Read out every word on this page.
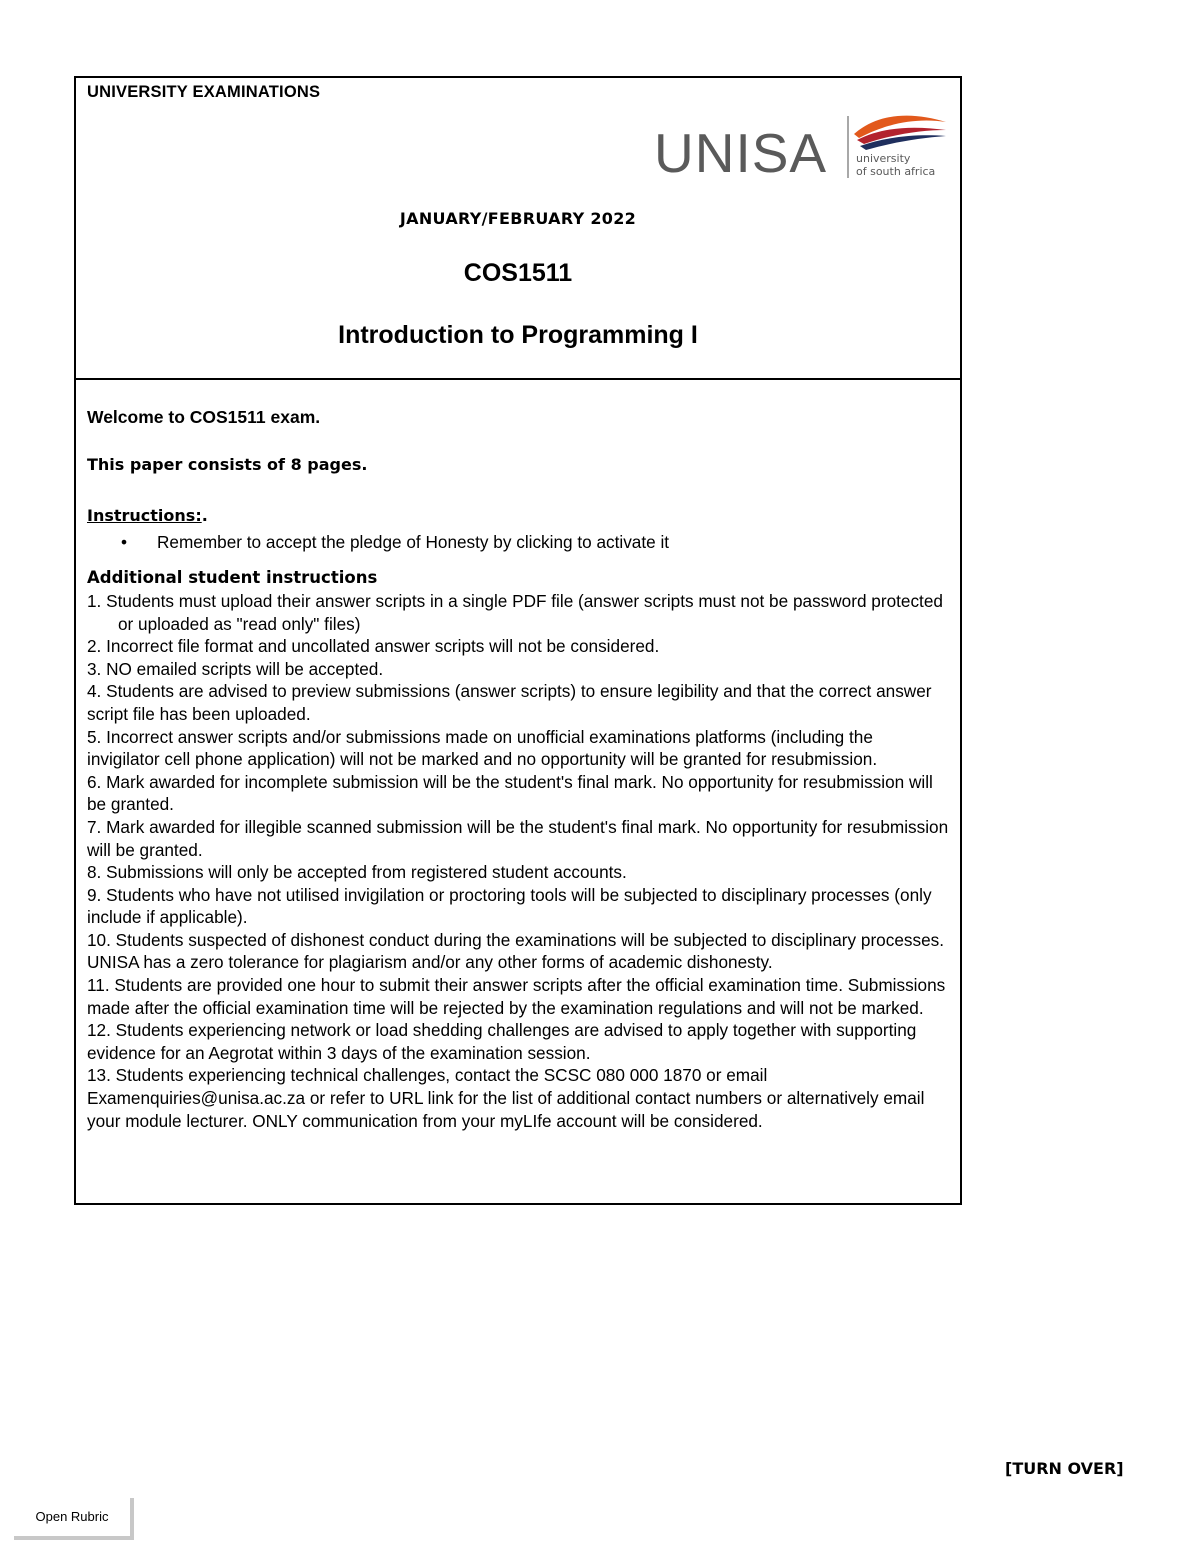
UNIVERSITY EXAMINATIONS
UNISA	university
of south africa
JANUARY/FEBRUARY 2022
COS1511
Introduction to Programming I

Welcome to COS1511 exam.

This paper consists of 8 pages.

Instructions:.

• Remember to accept the pledge of Honesty by clicking to activate it

Additional student instructions

1. Students must upload their answer scripts in a single PDF file (answer scripts must not be password protected or uploaded as "read only" files)

2. Incorrect file format and uncollated answer scripts will not be considered.

3. NO emailed scripts will be accepted.

4. Students are advised to preview submissions (answer scripts) to ensure legibility and that the correct answer script file has been uploaded.

5. Incorrect answer scripts and/or submissions made on unofficial examinations platforms (including the invigilator cell phone application) will not be marked and no opportunity will be granted for resubmission.

6. Mark awarded for incomplete submission will be the student's final mark. No opportunity for resubmission will be granted.

7. Mark awarded for illegible scanned submission will be the student's final mark. No opportunity for resubmission will be granted.

8. Submissions will only be accepted from registered student accounts.

9. Students who have not utilised invigilation or proctoring tools will be subjected to disciplinary processes (only include if applicable).

10. Students suspected of dishonest conduct during the examinations will be subjected to disciplinary processes. UNISA has a zero tolerance for plagiarism and/or any other forms of academic dishonesty.

11. Students are provided one hour to submit their answer scripts after the official examination time. Submissions made after the official examination time will be rejected by the examination regulations and will not be marked.

12. Students experiencing network or load shedding challenges are advised to apply together with supporting evidence for an Aegrotat within 3 days of the examination session.

13. Students experiencing technical challenges, contact the SCSC 080 000 1870 or email Examenquiries@unisa.ac.za or refer to URL link for the list of additional contact numbers or alternatively email your module lecturer. ONLY communication from your myLIfe account will be considered.

[TURN OVER]
Open Rubric
